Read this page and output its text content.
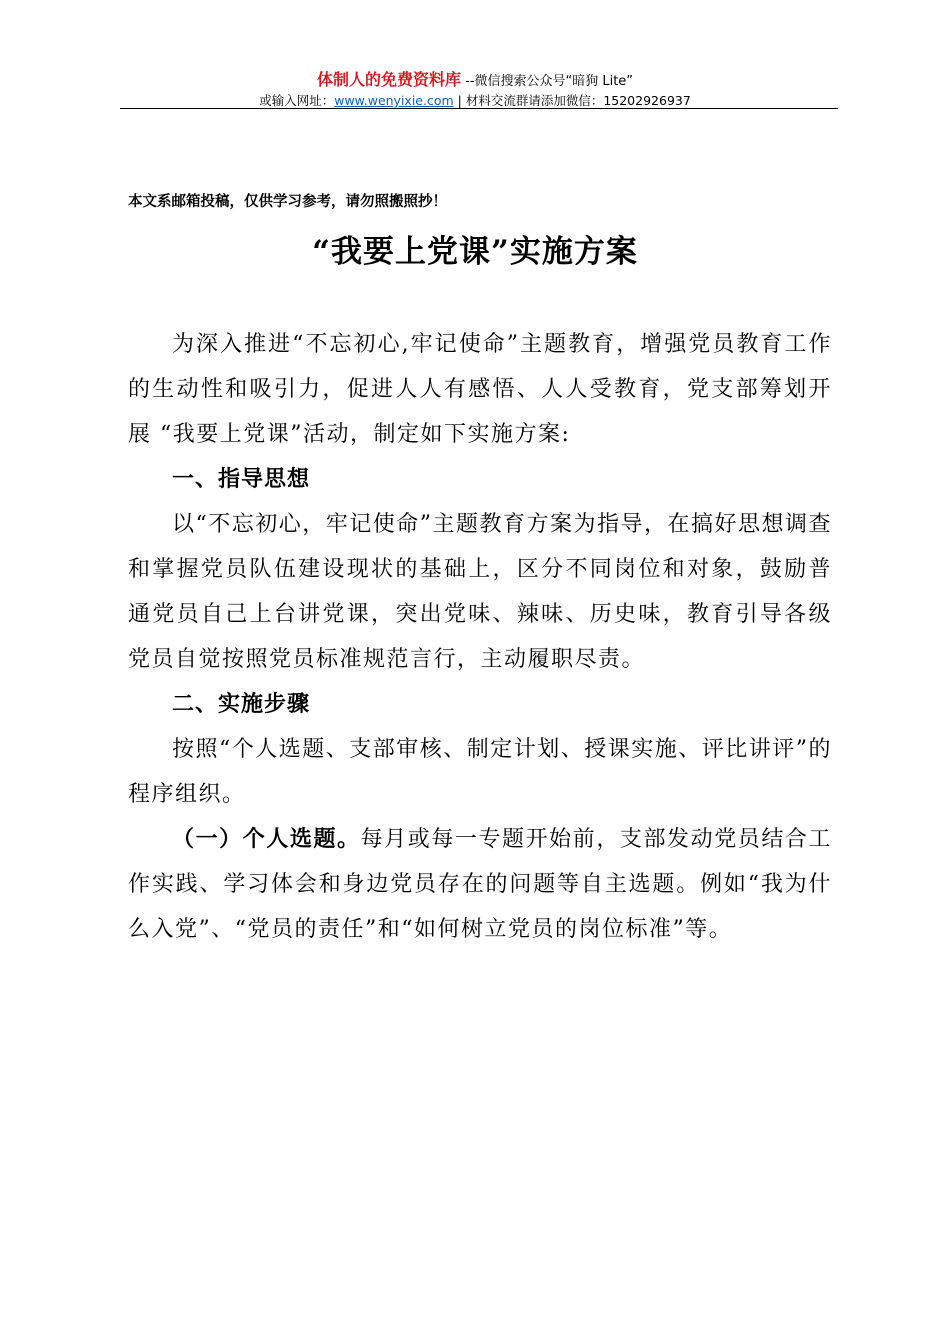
体制人的免费资料库 --微信搜索公众号“暗狗 Lite”
或输入网址：www.wenyixie.com | 材料交流群请添加微信：15202926937
本文系邮箱投稿，仅供学习参考，请勿照搬照抄！
“我要上党课”实施方案

为深入推进“不忘初心,牢记使命”主题教育，增强党员教育工作的生动性和吸引力，促进人人有感悟、人人受教育，党支部筹划开展 “我要上党课”活动，制定如下实施方案:

一、指导思想

以“不忘初心，牢记使命”主题教育方案为指导，在搞好思想调查和掌握党员队伍建设现状的基础上，区分不同岗位和对象，鼓励普通党员自己上台讲党课，突出党味、辣味、历史味，教育引导各级党员自觉按照党员标准规范言行，主动履职尽责。

二、实施步骤

按照“个人选题、支部审核、制定计划、授课实施、评比讲评”的程序组织。

（一）个人选题。每月或每一专题开始前，支部发动党员结合工作实践、学习体会和身边党员存在的问题等自主选题。例如“我为什么入党”、“党员的责任”和“如何树立党员的岗位标准”等。
